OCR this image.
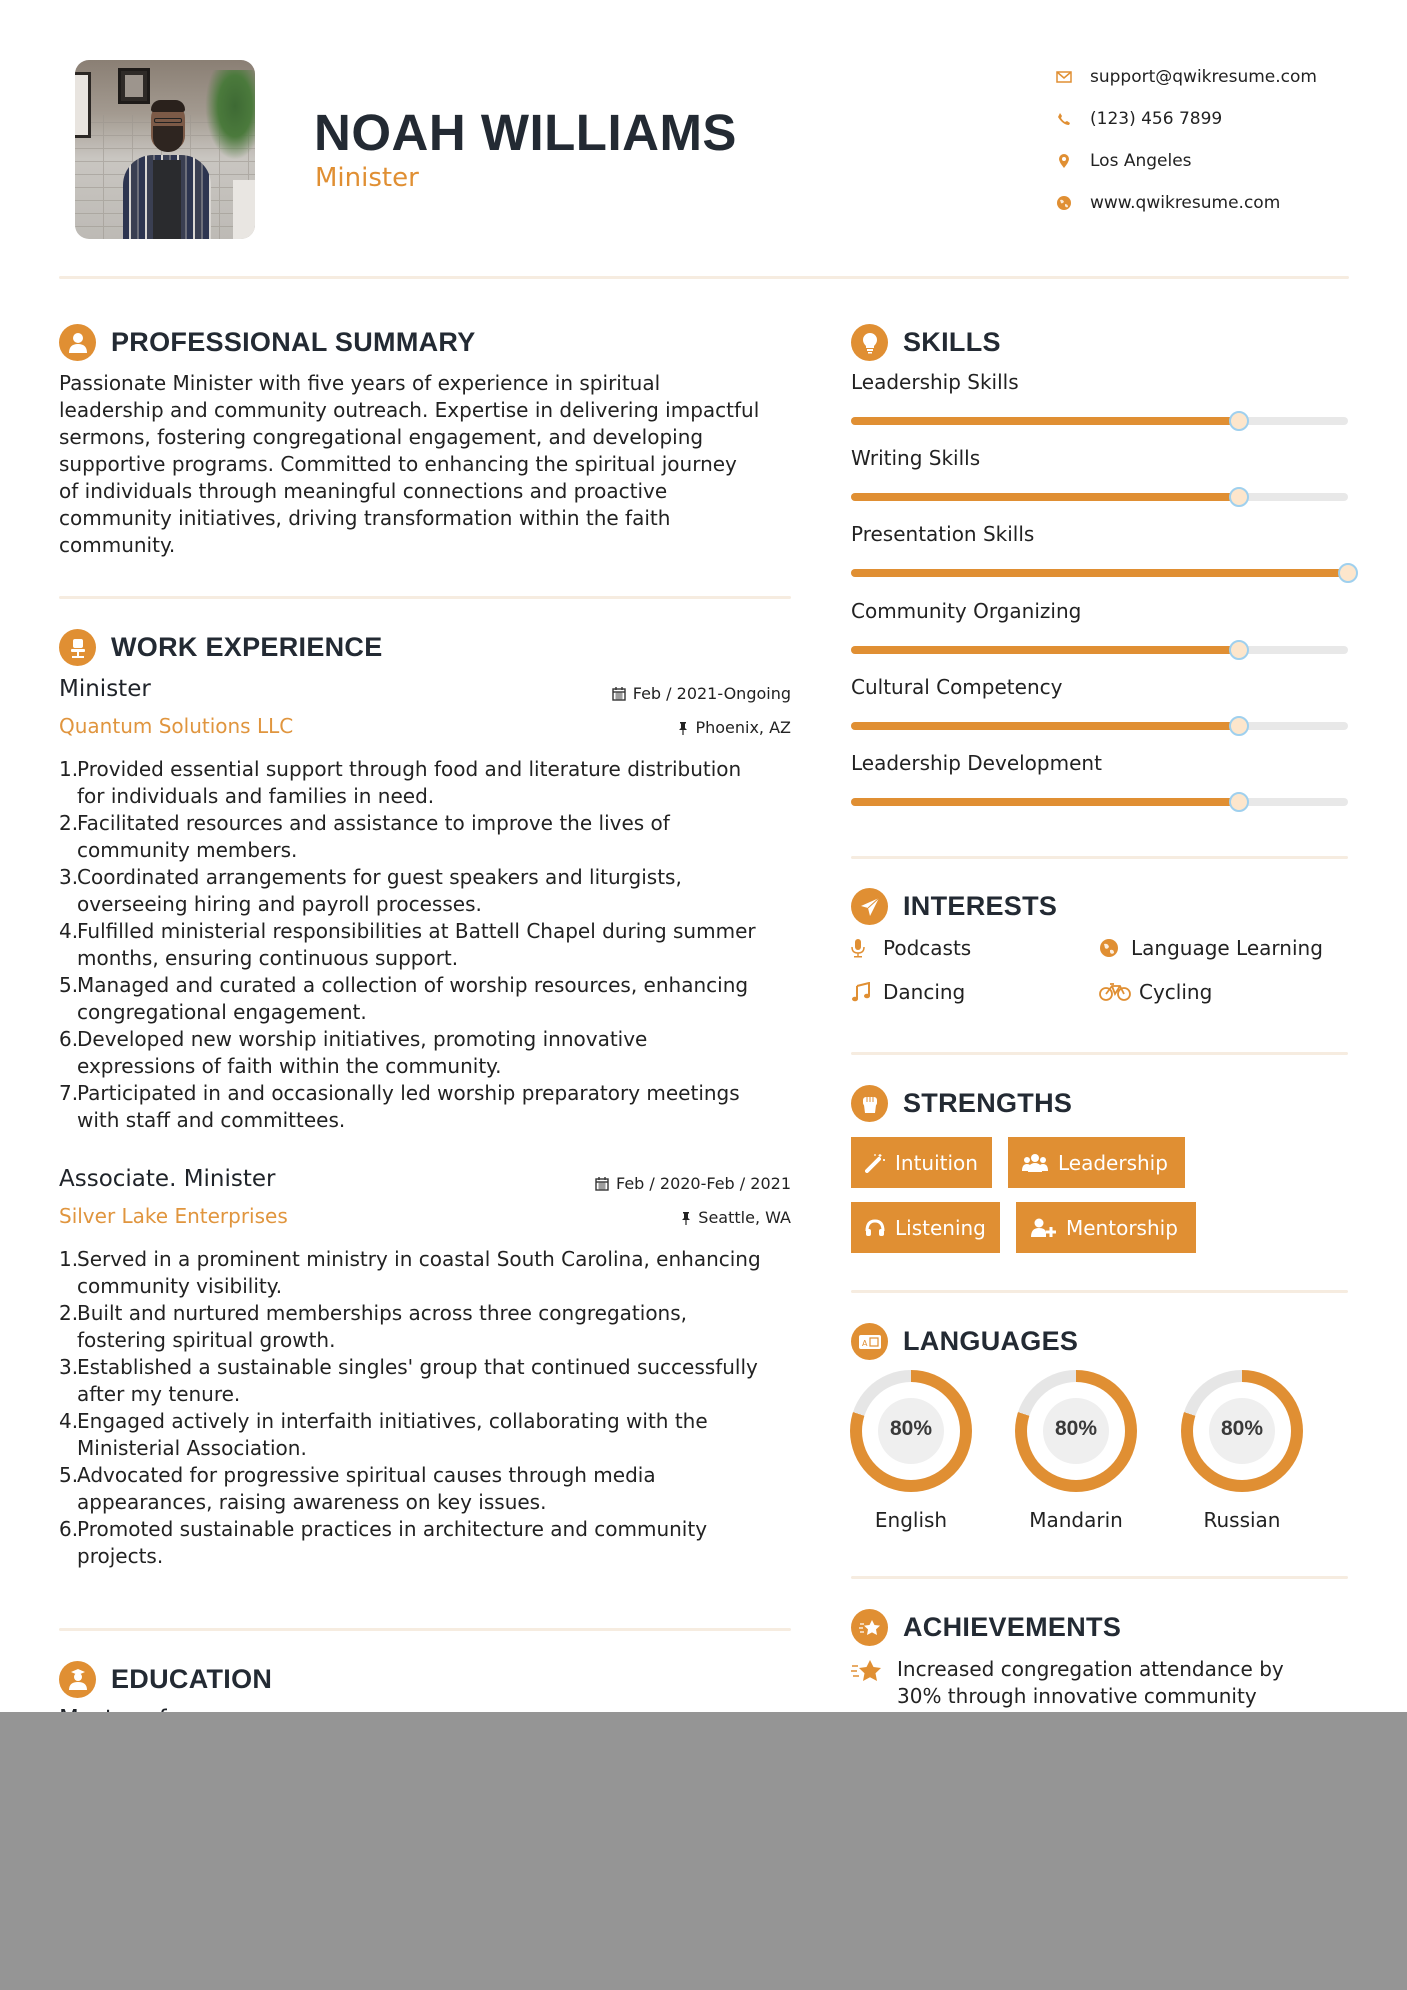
NOAH WILLIAMS
Minister
support@qwikresume.com
(123) 456 7899
Los Angeles
www.qwikresume.com
PROFESSIONAL SUMMARY
Passionate Minister with five years of experience in spiritual
leadership and community outreach. Expertise in delivering impactful
sermons, fostering congregational engagement, and developing
supportive programs. Committed to enhancing the spiritual journey
of individuals through meaningful connections and proactive
community initiatives, driving transformation within the faith
community.
WORK EXPERIENCE
Minister	Feb / 2021-Ongoing
Quantum Solutions LLC	Phoenix, AZ
1.
Provided essential support through food and literature distribution
for individuals and families in need.
2.
Facilitated resources and assistance to improve the lives of
community members.
3.
Coordinated arrangements for guest speakers and liturgists,
overseeing hiring and payroll processes.
4.
Fulfilled ministerial responsibilities at Battell Chapel during summer
months, ensuring continuous support.
5.
Managed and curated a collection of worship resources, enhancing
congregational engagement.
6.
Developed new worship initiatives, promoting innovative
expressions of faith within the community.
7.
Participated in and occasionally led worship preparatory meetings
with staff and committees.
Associate. Minister	Feb / 2020-Feb / 2021
Silver Lake Enterprises	Seattle, WA
1.
Served in a prominent ministry in coastal South Carolina, enhancing
community visibility.
2.
Built and nurtured memberships across three congregations,
fostering spiritual growth.
3.
Established a sustainable singles' group that continued successfully
after my tenure.
4.
Engaged actively in interfaith initiatives, collaborating with the
Ministerial Association.
5.
Advocated for progressive spiritual causes through media
appearances, raising awareness on key issues.
6.
Promoted sustainable practices in architecture and community
projects.
EDUCATION
SKILLS
Leadership Skills
Writing Skills
Presentation Skills
Community Organizing
Cultural Competency
Leadership Development
INTERESTS
Podcasts	Language Learning
Dancing	Cycling
STRENGTHS
Intuition	Leadership
Listening	Mentorship
A LANGUAGES
80%
English
80%
Mandarin
80%
Russian
ACHIEVEMENTS
Increased congregation attendance by
30% through innovative community
